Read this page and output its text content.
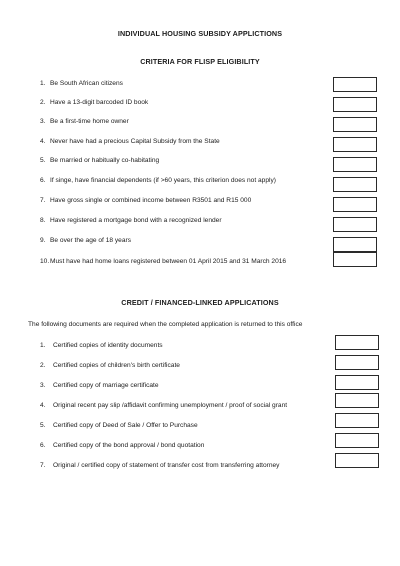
INDIVIDUAL HOUSING SUBSIDY APPLICTIONS
CRITERIA FOR FLISP ELIGIBILITY
1. Be South African citizens
2. Have a 13-digit barcoded ID book
3. Be a first-time home owner
4. Never have had a precious Capital Subsidy from the State
5. Be married or habitually co-habitating
6. If singe, have financial dependents (if >60 years, this criterion does not apply)
7. Have gross single or combined income between R3501 and R15 000
8. Have registered a mortgage bond with a recognized lender
9. Be over the age of 18 years
10.Must have had home loans registered between 01 April 2015 and 31 March 2016
CREDIT / FINANCED-LINKED APPLICATIONS
The following documents are required when the completed application is returned to this office
1. Certified copies of identity documents
2. Certified copies of children's birth certificate
3. Certified copy of marriage certificate
4. Original recent pay slip /affidavit confirming unemployment / proof of social grant
5. Certified copy of Deed of Sale / Offer to Purchase
6. Certified copy of the bond approval / bond quotation
7. Original / certified copy of statement of transfer cost from transferring attorney
